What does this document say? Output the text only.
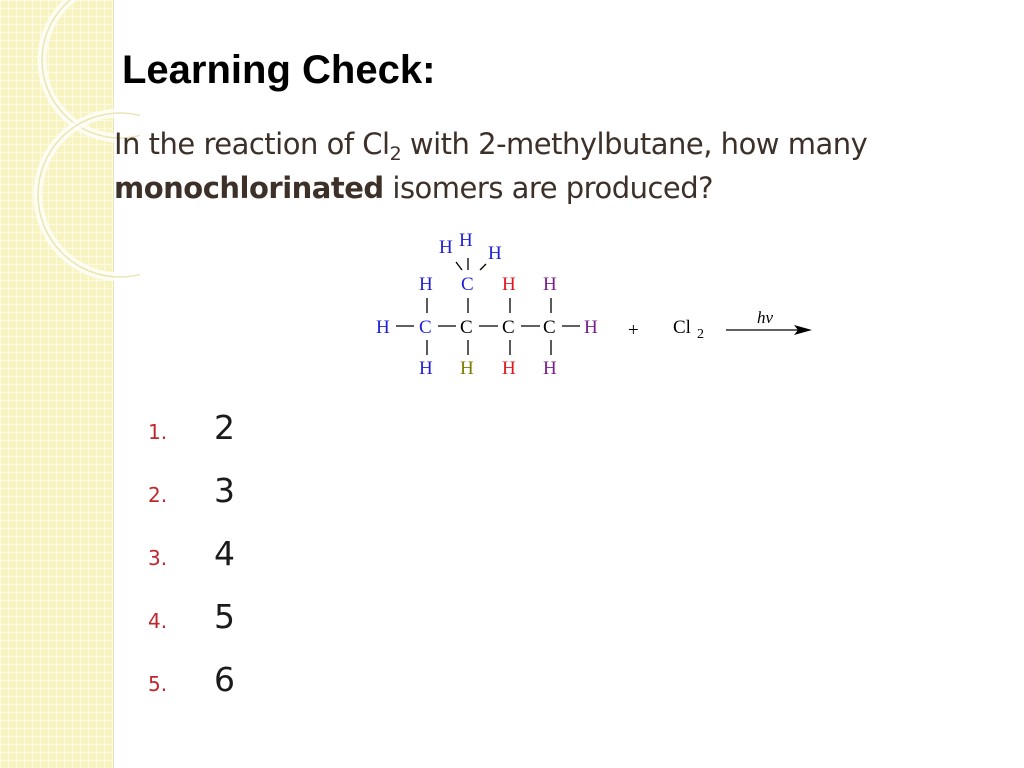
Learning Check:

In the reaction of $Cl_2$ with 2-methylbutane, how many
monochlorinated isomers are produced?

H H
H
C
H	H H
H C C C C H
H H H H
+ Cl 2
hv
1.	2
2.	3
3.	4
4.	5
5.	6
